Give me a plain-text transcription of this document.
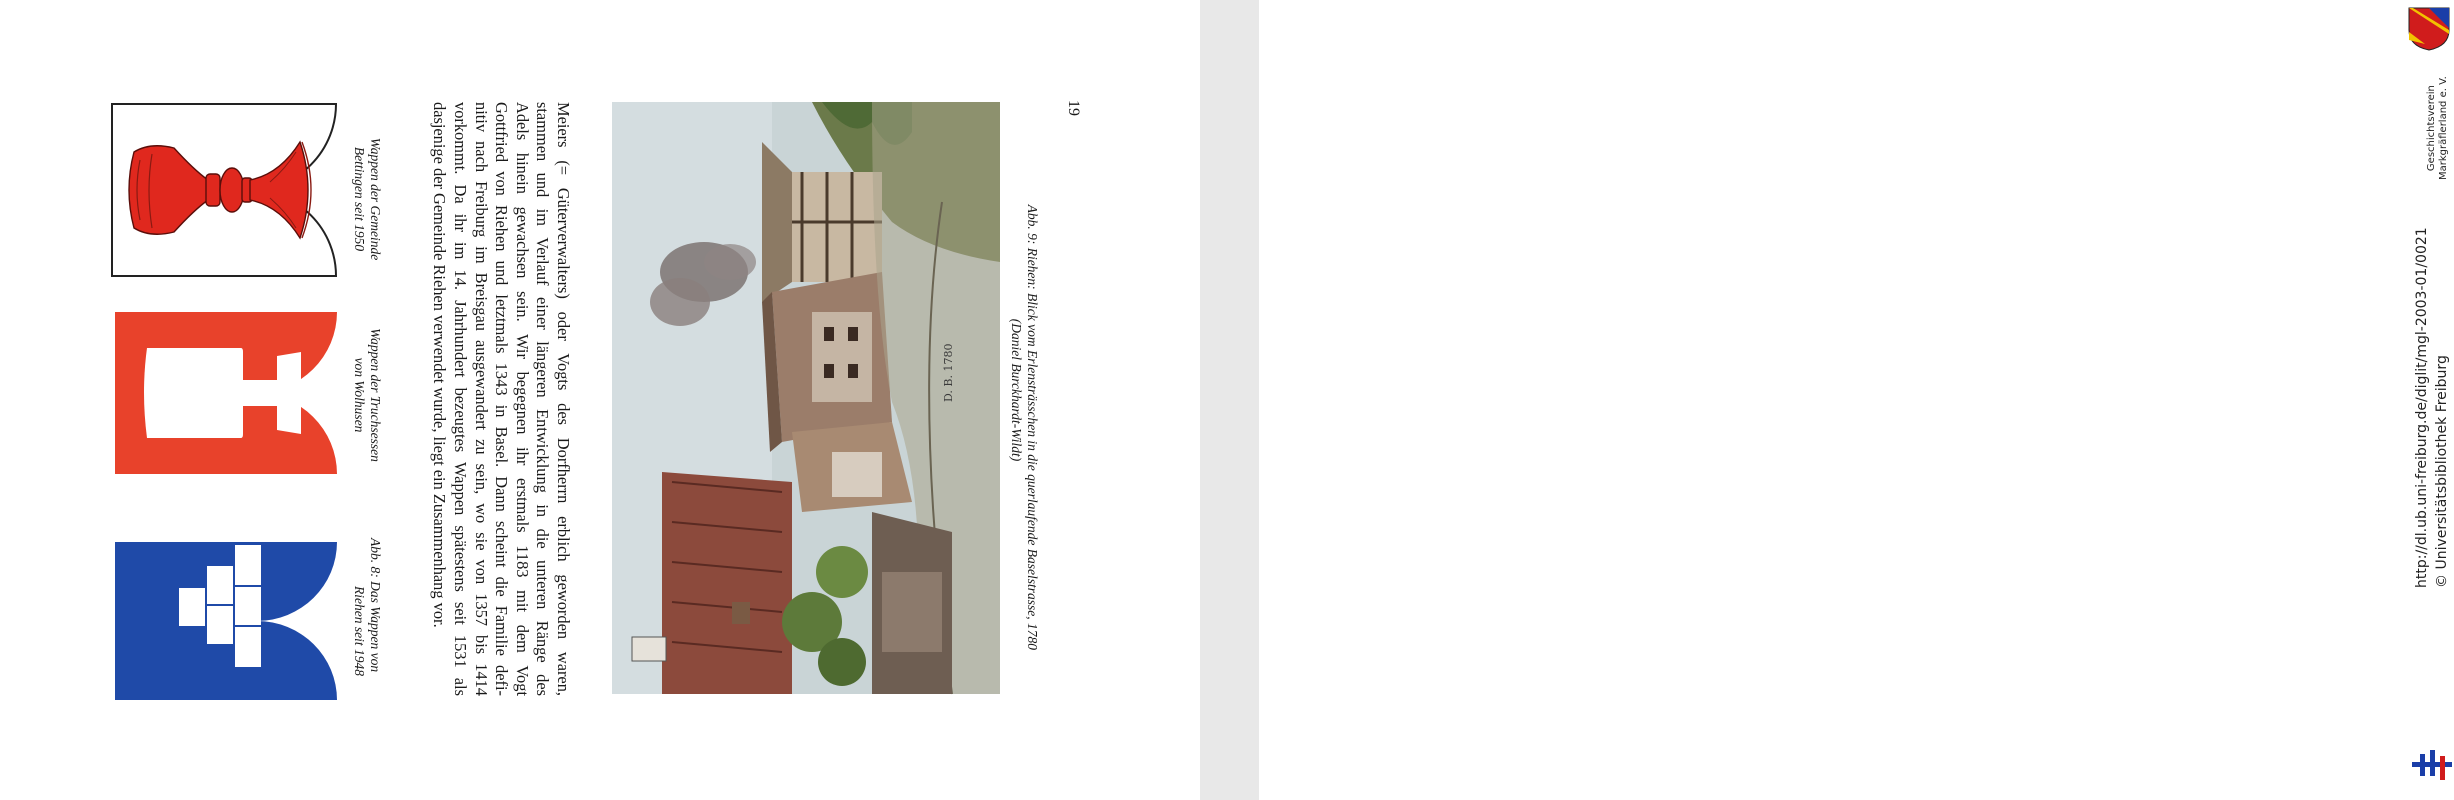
Abb. 8: Das Wappen von
Riehen seit 1948
Wappen der Truchsessen
von Wolhusen
Wappen der Gemeinde
Bettingen seit 1950	Meiers (= Güterverwalters) oder Vogts des Dorfherrn erblich geworden waren,
stammen und im Verlauf einer längeren Entwicklung in die unteren Ränge des
Adels hinein gewachsen sein. Wir begegnen ihr erstmals 1183 mit dem Vogt
Gottfried von Riehen und letztmals 1343 in Basel. Dann scheint die Familie defi-
nitiv nach Freiburg im Breisgau ausgewandert zu sein, wo sie von 1357 bis 1414
vorkommt. Da ihr im 14. Jahrhundert bezeugtes Wappen spätestens seit 1531 als
dasjenige der Gemeinde Riehen verwendet wurde, liegt ein Zusammenhang vor.	D. B. 1780	Abb. 9: Riehen: Blick vom Erlensträsschen in die querlaufende Baselstrasse, 1780
(Daniel Burckhardt-Wildt)
19	Geschichtsverein Markgräflerland e. V.
http://dl.ub.uni-freiburg.de/diglit/mgl-2003-01/0021 © Universitätsbibliothek Freiburg
